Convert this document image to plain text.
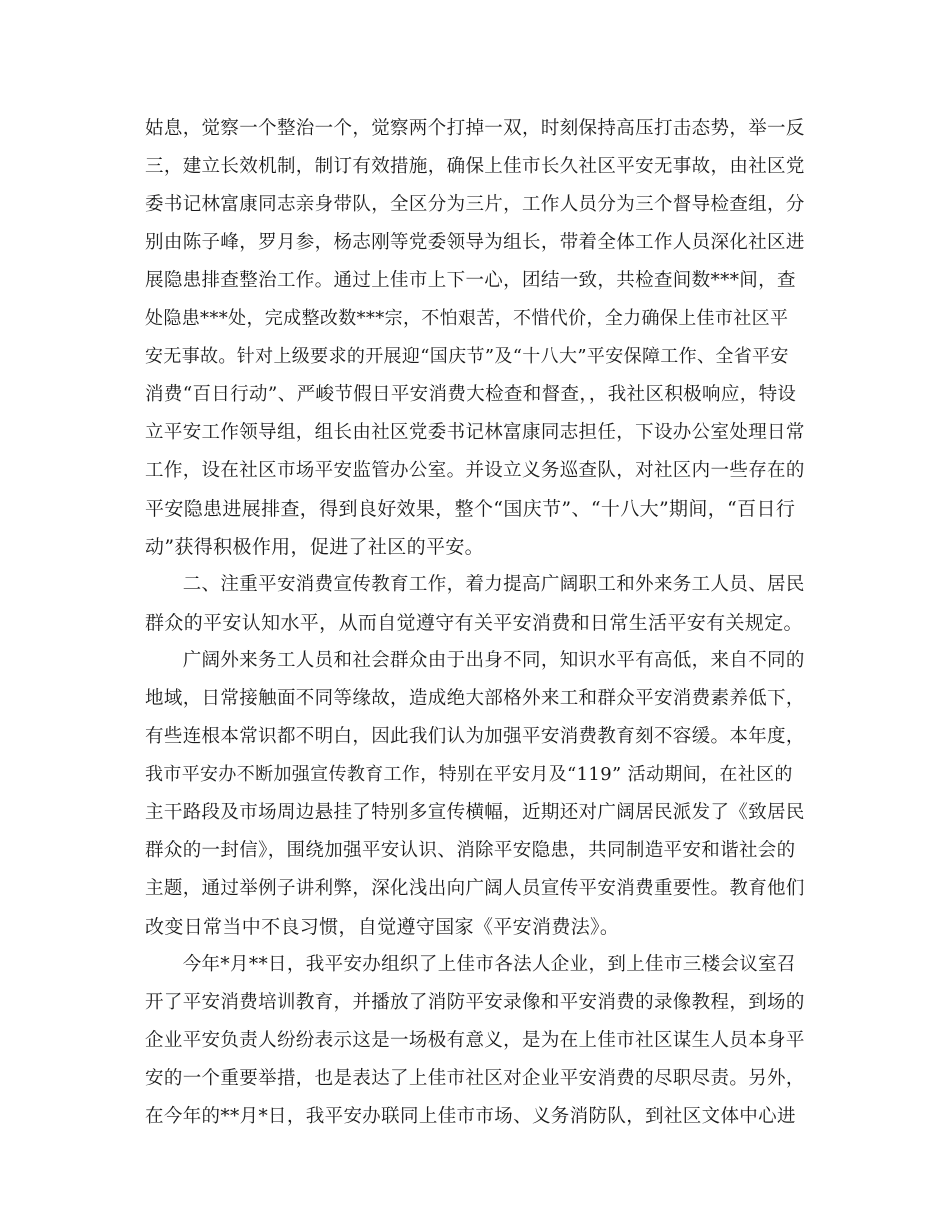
姑息，觉察一个整治一个，觉察两个打掉一双，时刻保持高压打击态势，举一反
三，建立长效机制，制订有效措施，确保上佳市长久社区平安无事故，由社区党
委书记林富康同志亲身带队，全区分为三片，工作人员分为三个督导检查组，分
别由陈子峰，罗月参，杨志刚等党委领导为组长，带着全体工作人员深化社区进
展隐患排查整治工作。通过上佳市上下一心，团结一致，共检查间数***间，查
处隐患***处，完成整改数***宗，不怕艰苦，不惜代价，全力确保上佳市社区平
安无事故。针对上级要求的开展迎“国庆节”及“十八大”平安保障工作、全省平安
消费“百日行动”、严峻节假日平安消费大检查和督查，，我社区积极响应，特设
立平安工作领导组，组长由社区党委书记林富康同志担任，下设办公室处理日常
工作，设在社区市场平安监管办公室。并设立义务巡查队，对社区内一些存在的
平安隐患进展排查，得到良好效果，整个“国庆节”、“十八大”期间，“百日行
动”获得积极作用，促进了社区的平安。
　　二、注重平安消费宣传教育工作，着力提高广阔职工和外来务工人员、居民
群众的平安认知水平，从而自觉遵守有关平安消费和日常生活平安有关规定。
　　广阔外来务工人员和社会群众由于出身不同，知识水平有高低，来自不同的
地域，日常接触面不同等缘故，造成绝大部格外来工和群众平安消费素养低下，
有些连根本常识都不明白，因此我们认为加强平安消费教育刻不容缓。本年度，
我市平安办不断加强宣传教育工作，特别在平安月及“119” 活动期间，在社区的
主干路段及市场周边悬挂了特别多宣传横幅，近期还对广阔居民派发了《致居民
群众的一封信》，围绕加强平安认识、消除平安隐患，共同制造平安和谐社会的
主题，通过举例子讲利弊，深化浅出向广阔人员宣传平安消费重要性。教育他们
改变日常当中不良习惯，自觉遵守国家《平安消费法》。
　　今年*月**日，我平安办组织了上佳市各法人企业，到上佳市三楼会议室召
开了平安消费培训教育，并播放了消防平安录像和平安消费的录像教程，到场的
企业平安负责人纷纷表示这是一场极有意义，是为在上佳市社区谋生人员本身平
安的一个重要举措，也是表达了上佳市社区对企业平安消费的尽职尽责。另外，
在今年的**月*日，我平安办联同上佳市市场、义务消防队，到社区文体中心进
